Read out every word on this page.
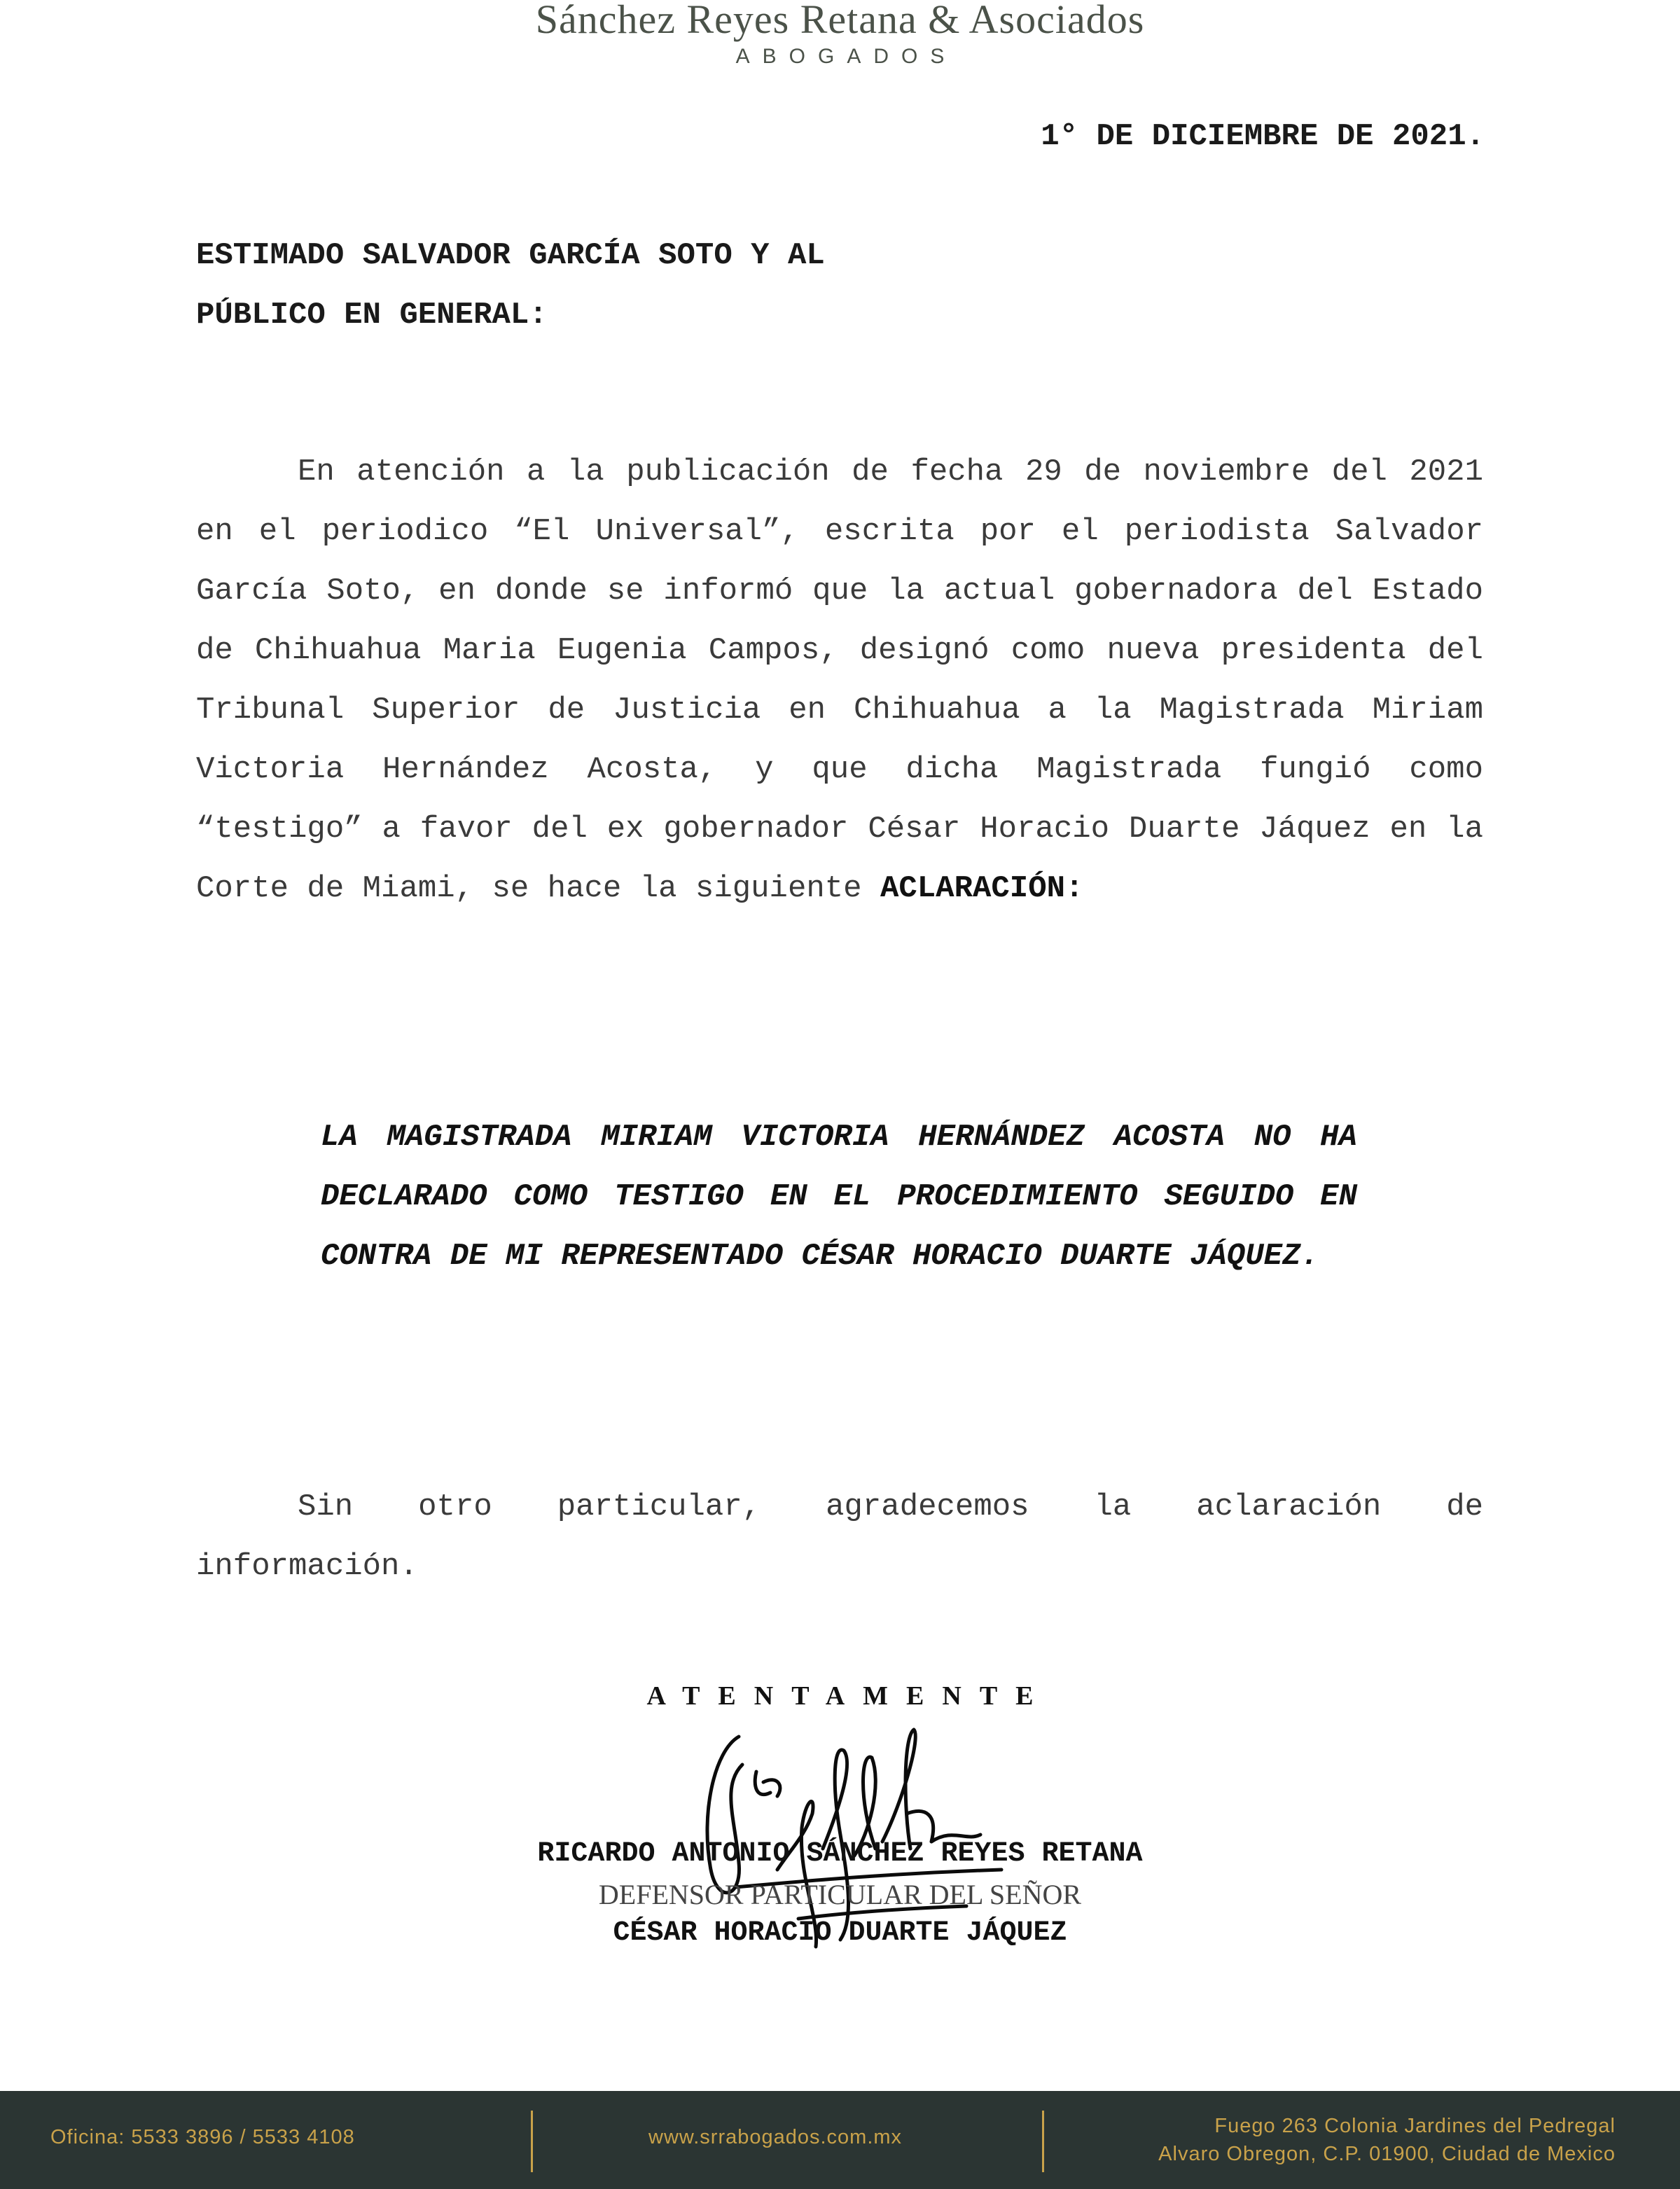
Sánchez Reyes Retana & Asociados
ABOGADOS
1° DE DICIEMBRE DE 2021.
ESTIMADO SALVADOR GARCÍA SOTO Y AL
PÚBLICO EN GENERAL:
En atención a la publicación de fecha 29 de noviembre del 2021 en el periodico “El Universal”, escrita por el periodista Salvador García Soto, en donde se informó que la actual gobernadora del Estado de Chihuahua Maria Eugenia Campos, designó como nueva presidenta del Tribunal Superior de Justicia en Chihuahua a la Magistrada Miriam Victoria Hernández Acosta, y que dicha Magistrada fungió como “testigo” a favor del ex gobernador César Horacio Duarte Jáquez en la Corte de Miami, se hace la siguiente ACLARACIÓN:
LA MAGISTRADA MIRIAM VICTORIA HERNÁNDEZ ACOSTA NO HA DECLARADO COMO TESTIGO EN EL PROCEDIMIENTO SEGUIDO EN CONTRA DE MI REPRESENTADO CÉSAR HORACIO DUARTE JÁQUEZ.
Sin otro particular, agradecemos la aclaración de
información.
ATENTAMENTE
RICARDO ANTONIO SÁNCHEZ REYES RETANA
DEFENSOR PARTICULAR DEL SEÑOR
CÉSAR HORACIO DUARTE JÁQUEZ
Oficina: 5533 3896 / 5533 4108	www.srrabogados.com.mx	Fuego 263 Colonia Jardines del Pedregal
Alvaro Obregon, C.P. 01900, Ciudad de Mexico
